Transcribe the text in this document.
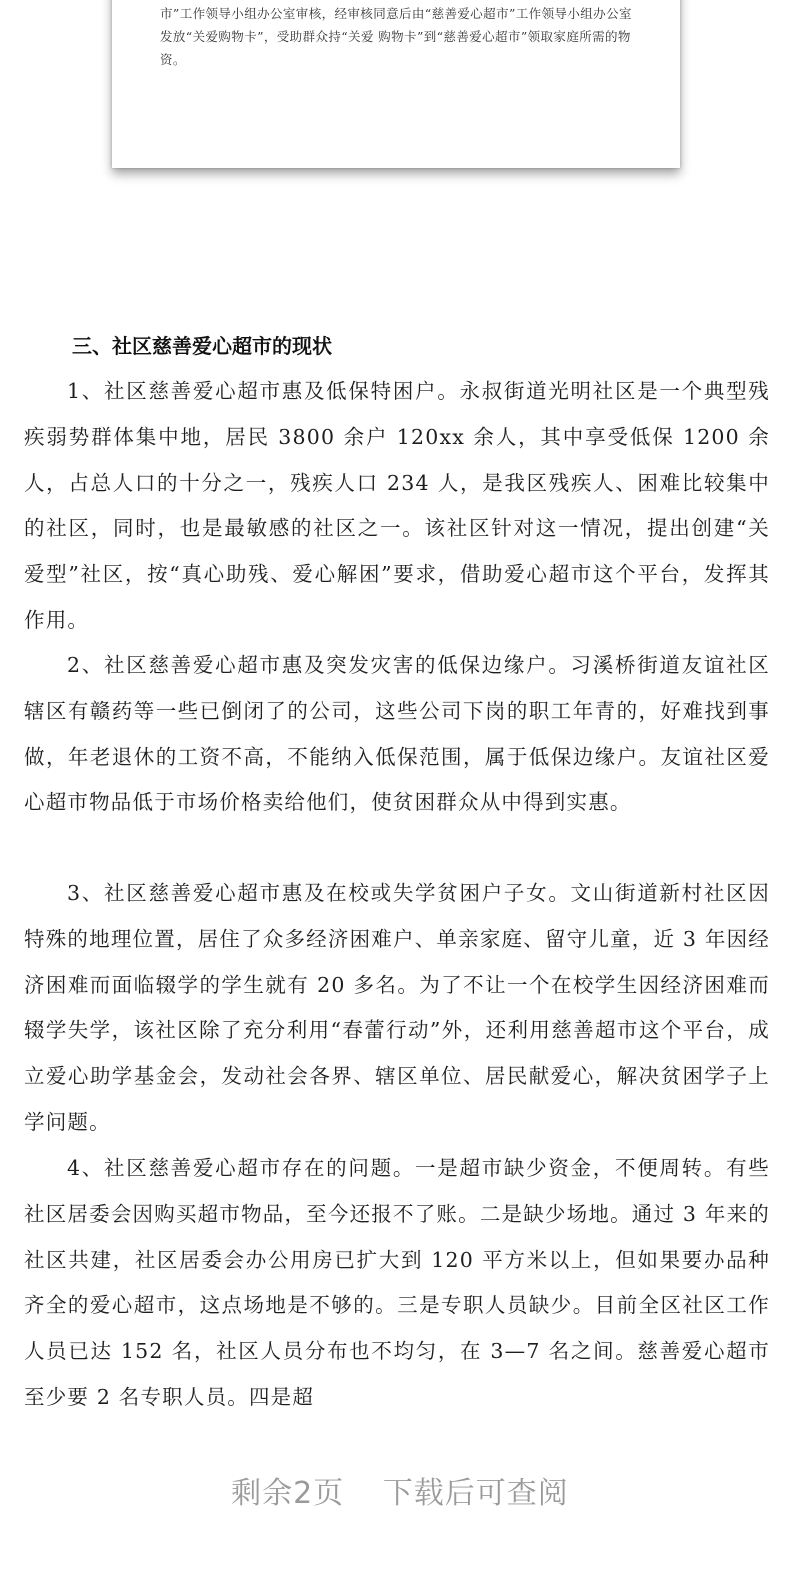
市”工作领导小组办公室审核，经审核同意后由“慈善爱心超市”工作领导小组办公室发放“关爱购物卡”，受助群众持“关爱 购物卡”到“慈善爱心超市”领取家庭所需的物资。
三、社区慈善爱心超市的现状
1、社区慈善爱心超市惠及低保特困户。永叔街道光明社区是一个典型残疾弱势群体集中地，居民 3800 余户 120xx 余人，其中享受低保 1200 余人，占总人口的十分之一，残疾人口 234 人，是我区残疾人、困难比较集中的社区，同时，也是最敏感的社区之一。该社区针对这一情况，提出创建“关爱型”社区，按“真心助残、爱心解困”要求，借助爱心超市这个平台，发挥其作用。
2、社区慈善爱心超市惠及突发灾害的低保边缘户。习溪桥街道友谊社区辖区有赣药等一些已倒闭了的公司，这些公司下岗的职工年青的，好难找到事做，年老退休的工资不高，不能纳入低保范围，属于低保边缘户。友谊社区爱心超市物品低于市场价格卖给他们，使贫困群众从中得到实惠。
3、社区慈善爱心超市惠及在校或失学贫困户子女。文山街道新村社区因特殊的地理位置，居住了众多经济困难户、单亲家庭、留守儿童，近 3 年因经济困难而面临辍学的学生就有 20 多名。为了不让一个在校学生因经济困难而辍学失学，该社区除了充分利用“春蕾行动”外，还利用慈善超市这个平台，成立爱心助学基金会，发动社会各界、辖区单位、居民献爱心，解决贫困学子上学问题。
4、社区慈善爱心超市存在的问题。一是超市缺少资金，不便周转。有些社区居委会因购买超市物品，至今还报不了账。二是缺少场地。通过 3 年来的社区共建，社区居委会办公用房已扩大到 120 平方米以上，但如果要办品种齐全的爱心超市，这点场地是不够的。三是专职人员缺少。目前全区社区工作人员已达 152 名，社区人员分布也不均匀，在 3—7 名之间。慈善爱心超市至少要 2 名专职人员。四是超
剩余2页 下载后可查阅
